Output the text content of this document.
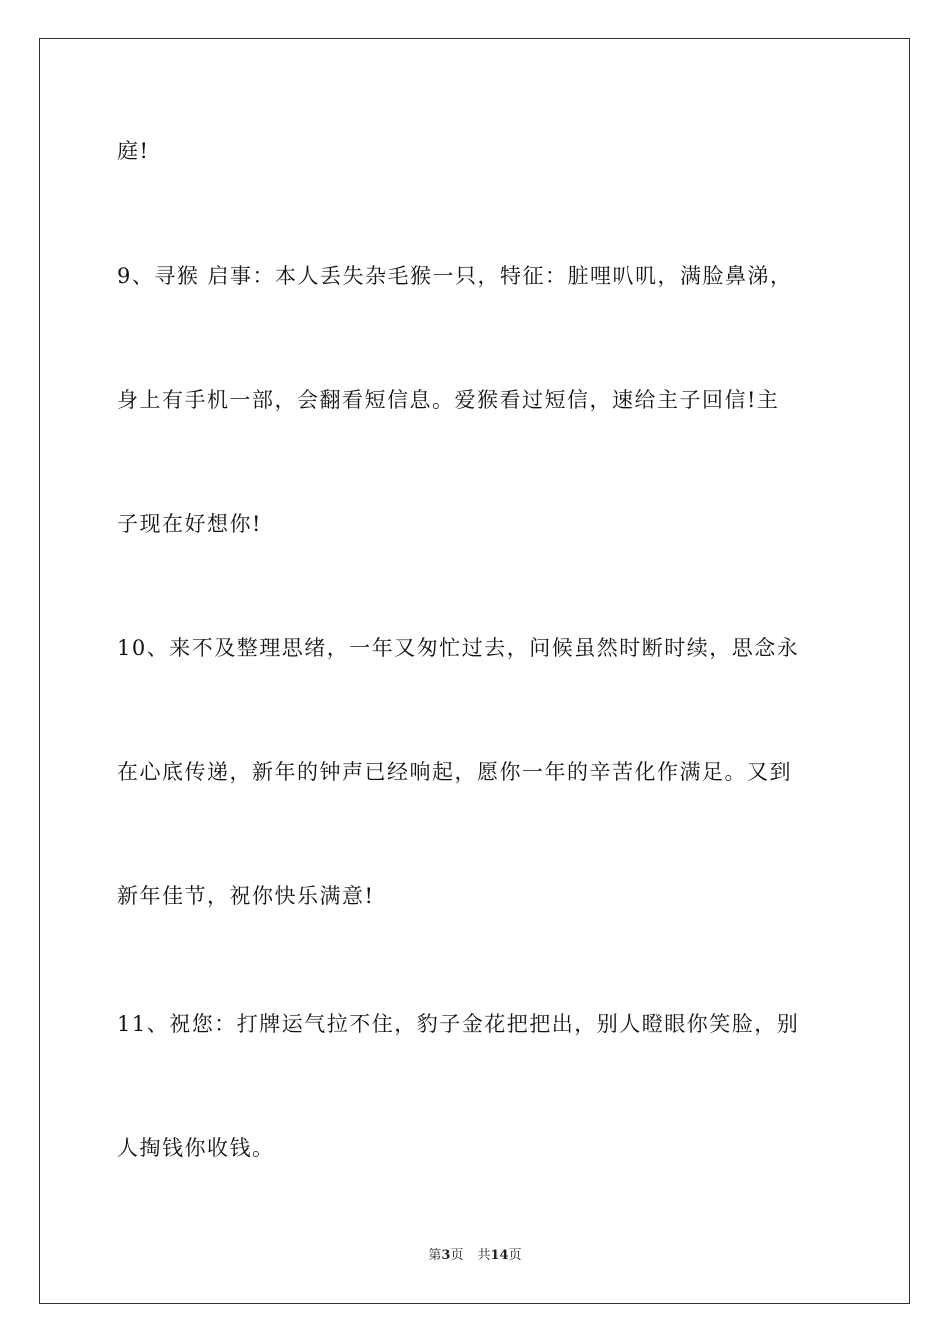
庭!
9、寻猴 启事：本人丢失杂毛猴一只，特征：脏哩叭叽，满脸鼻涕，
身上有手机一部，会翻看短信息。爱猴看过短信，速给主子回信!主
子现在好想你!
10、来不及整理思绪，一年又匆忙过去，问候虽然时断时续，思念永
在心底传递，新年的钟声已经响起，愿你一年的辛苦化作满足。又到
新年佳节，祝你快乐满意!
11、祝您：打牌运气拉不住，豹子金花把把出，别人瞪眼你笑脸，别
人掏钱你收钱。
第3页 共14页
